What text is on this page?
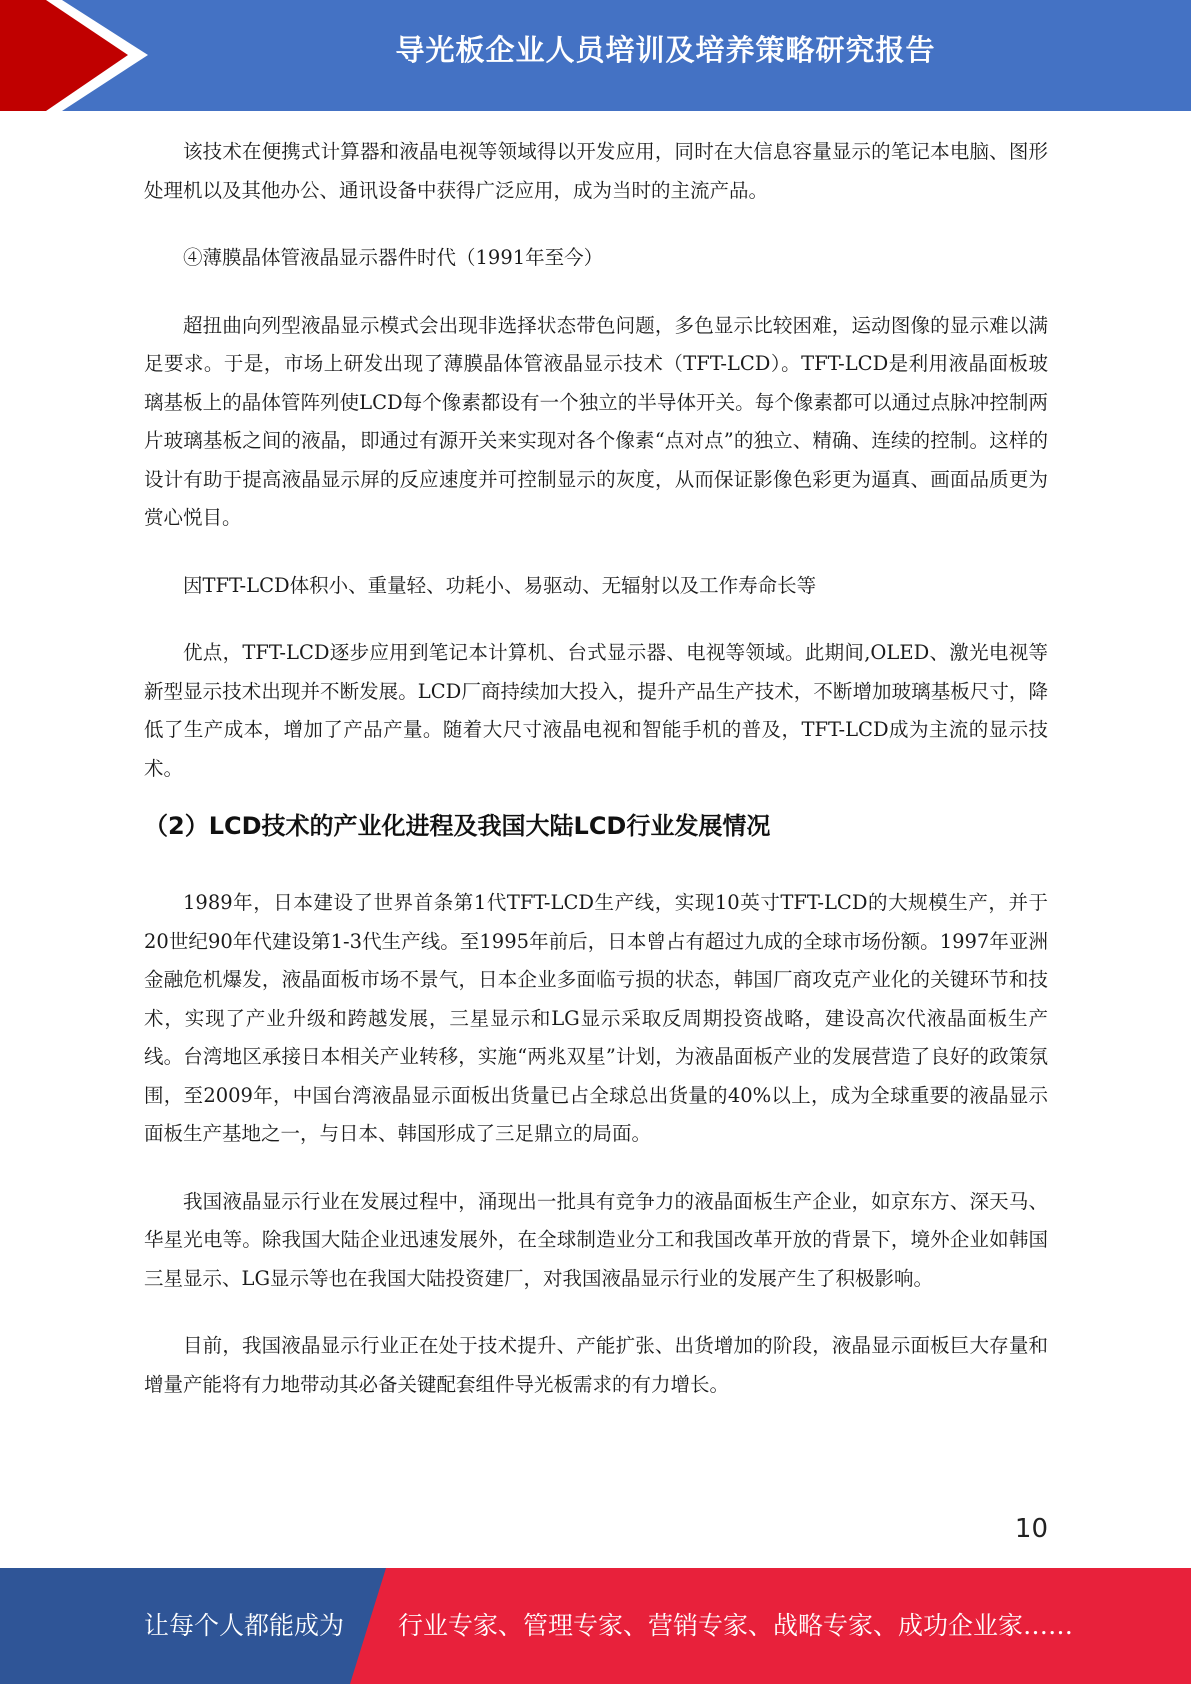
导光板企业人员培训及培养策略研究报告

该技术在便携式计算器和液晶电视等领域得以开发应用，同时在大信息容量显示的笔记本电脑、图形处理机以及其他办公、通讯设备中获得广泛应用，成为当时的主流产品。

④薄膜晶体管液晶显示器件时代（1991年至今）

超扭曲向列型液晶显示模式会出现非选择状态带色问题，多色显示比较困难，运动图像的显示难以满足要求。于是，市场上研发出现了薄膜晶体管液晶显示技术（TFT-LCD）。TFT-LCD是利用液晶面板玻璃基板上的晶体管阵列使LCD每个像素都设有一个独立的半导体开关。每个像素都可以通过点脉冲控制两片玻璃基板之间的液晶，即通过有源开关来实现对各个像素“点对点”的独立、精确、连续的控制。这样的设计有助于提高液晶显示屏的反应速度并可控制显示的灰度，从而保证影像色彩更为逼真、画面品质更为赏心悦目。

因TFT-LCD体积小、重量轻、功耗小、易驱动、无辐射以及工作寿命长等

优点，TFT-LCD逐步应用到笔记本计算机、台式显示器、电视等领域。此期间,OLED、激光电视等新型显示技术出现并不断发展。LCD厂商持续加大投入，提升产品生产技术，不断增加玻璃基板尺寸，降低了生产成本，增加了产品产量。随着大尺寸液晶电视和智能手机的普及，TFT-LCD成为主流的显示技术。

（2）LCD技术的产业化进程及我国大陆LCD行业发展情况

1989年，日本建设了世界首条第1代TFT-LCD生产线，实现10英寸TFT-LCD的大规模生产，并于20世纪90年代建设第1-3代生产线。至1995年前后，日本曾占有超过九成的全球市场份额。1997年亚洲金融危机爆发，液晶面板市场不景气，日本企业多面临亏损的状态，韩国厂商攻克产业化的关键环节和技术，实现了产业升级和跨越发展，三星显示和LG显示采取反周期投资战略，建设高次代液晶面板生产线。台湾地区承接日本相关产业转移，实施“两兆双星”计划，为液晶面板产业的发展营造了良好的政策氛围，至2009年，中国台湾液晶显示面板出货量已占全球总出货量的40%以上，成为全球重要的液晶显示面板生产基地之一，与日本、韩国形成了三足鼎立的局面。

我国液晶显示行业在发展过程中，涌现出一批具有竞争力的液晶面板生产企业，如京东方、深天马、华星光电等。除我国大陆企业迅速发展外，在全球制造业分工和我国改革开放的背景下，境外企业如韩国三星显示、LG显示等也在我国大陆投资建厂，对我国液晶显示行业的发展产生了积极影响。

目前，我国液晶显示行业正在处于技术提升、产能扩张、出货增加的阶段，液晶显示面板巨大存量和增量产能将有力地带动其必备关键配套组件导光板需求的有力增长。

10
让每个人都能成为 行业专家、管理专家、营销专家、战略专家、成功企业家……
